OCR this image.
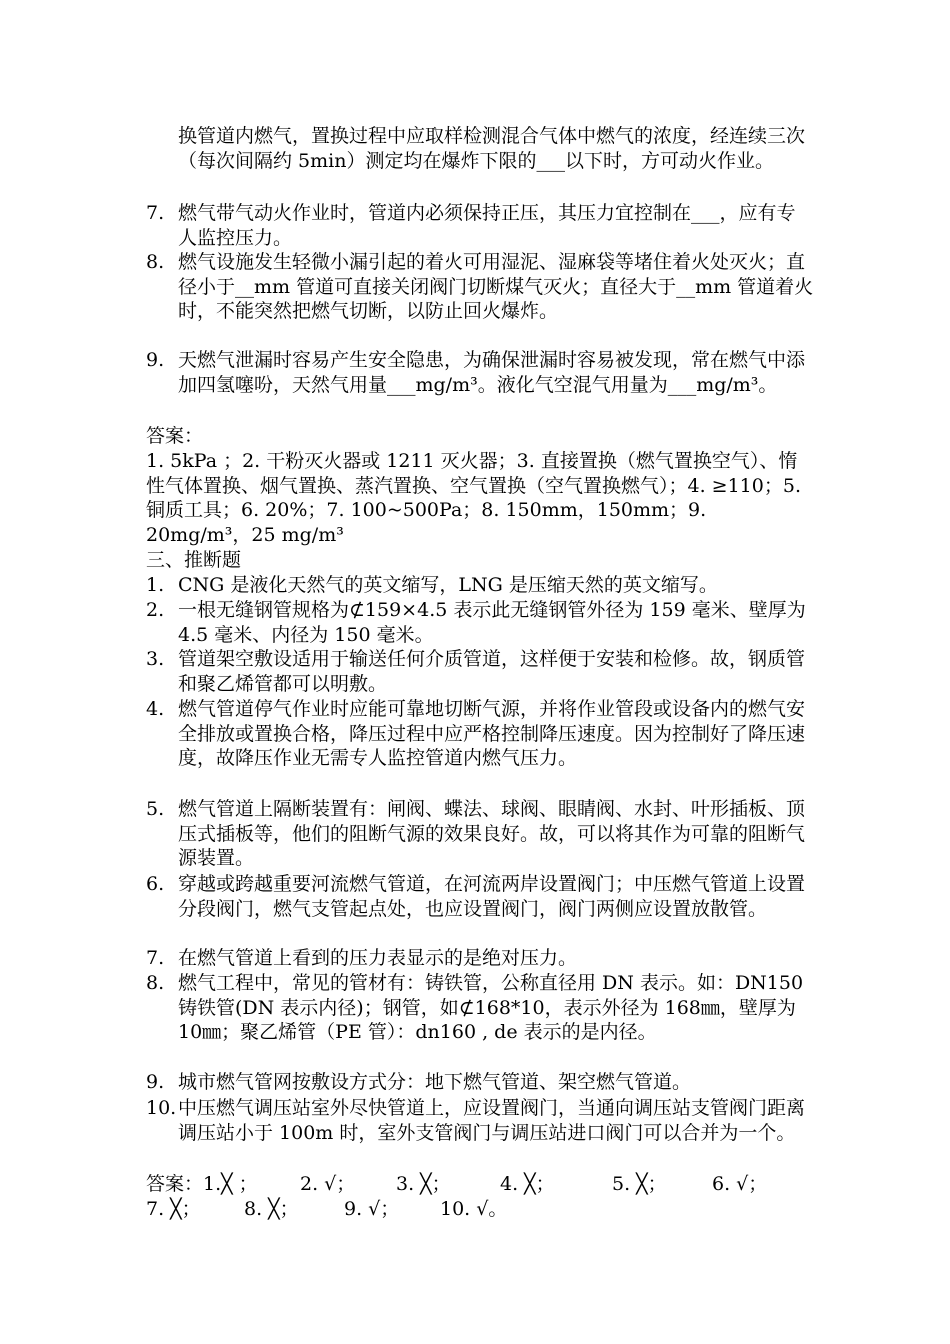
换管道内燃气，置换过程中应取样检测混合气体中燃气的浓度，经连续三次（每次间隔约 5min）测定均在爆炸下限的___以下时，方可动火作业。
7. 燃气带气动火作业时，管道内必须保持正压，其压力宜控制在___，应有专人监控压力。
8. 燃气设施发生轻微小漏引起的着火可用湿泥、湿麻袋等堵住着火处灭火；直径小于__mm 管道可直接关闭阀门切断煤气灭火；直径大于__mm 管道着火时，不能突然把燃气切断，以防止回火爆炸。
9. 天燃气泄漏时容易产生安全隐患，为确保泄漏时容易被发现，常在燃气中添加四氢噻吩，天然气用量___mg/m³。液化气空混气用量为___mg/m³。
答案：
1. 5kPa ；2. 干粉灭火器或 1211 灭火器；3. 直接置换（燃气置换空气）、惰性气体置换、烟气置换、蒸汽置换、空气置换（空气置换燃气）；4. ≥110；5.铜质工具；6. 20%；7. 100~500Pa；8. 150mm，150mm；9. 20mg/m³，25 mg/m³
三、推断题
1. CNG 是液化天然气的英文缩写，LNG 是压缩天然的英文缩写。
2. 一根无缝钢管规格为⊄159×4.5 表示此无缝钢管外径为 159 毫米、壁厚为 4.5 毫米、内径为 150 毫米。
3. 管道架空敷设适用于输送任何介质管道，这样便于安装和检修。故，钢质管和聚乙烯管都可以明敷。
4. 燃气管道停气作业时应能可靠地切断气源，并将作业管段或设备内的燃气安全排放或置换合格，降压过程中应严格控制降压速度。因为控制好了降压速度，故降压作业无需专人监控管道内燃气压力。
5. 燃气管道上隔断装置有：闸阀、蝶法、球阀、眼睛阀、水封、叶形插板、顶压式插板等，他们的阻断气源的效果良好。故，可以将其作为可靠的阻断气源装置。
6. 穿越或跨越重要河流燃气管道，在河流两岸设置阀门；中压燃气管道上设置分段阀门，燃气支管起点处，也应设置阀门，阀门两侧应设置放散管。
7. 在燃气管道上看到的压力表显示的是绝对压力。
8. 燃气工程中，常见的管材有：铸铁管，公称直径用 DN 表示。如：DN150 铸铁管(DN 表示内径)；钢管，如⊄168*10，表示外径为 168㎜，壁厚为 10㎜；聚乙烯管（PE 管）：dn160 , de 表示的是内径。
9. 城市燃气管网按敷设方式分：地下燃气管道、架空燃气管道。
10. 中压燃气调压站室外尽快管道上，应设置阀门，当通向调压站支管阀门距离调压站小于 100m 时，室外支管阀门与调压站进口阀门可以合并为一个。
答案：1.╳ ； 2. √； 3. ╳；	4. ╳；	5. ╳； 6. √；
7. ╳； 8. ╳； 9. √； 10. √。
